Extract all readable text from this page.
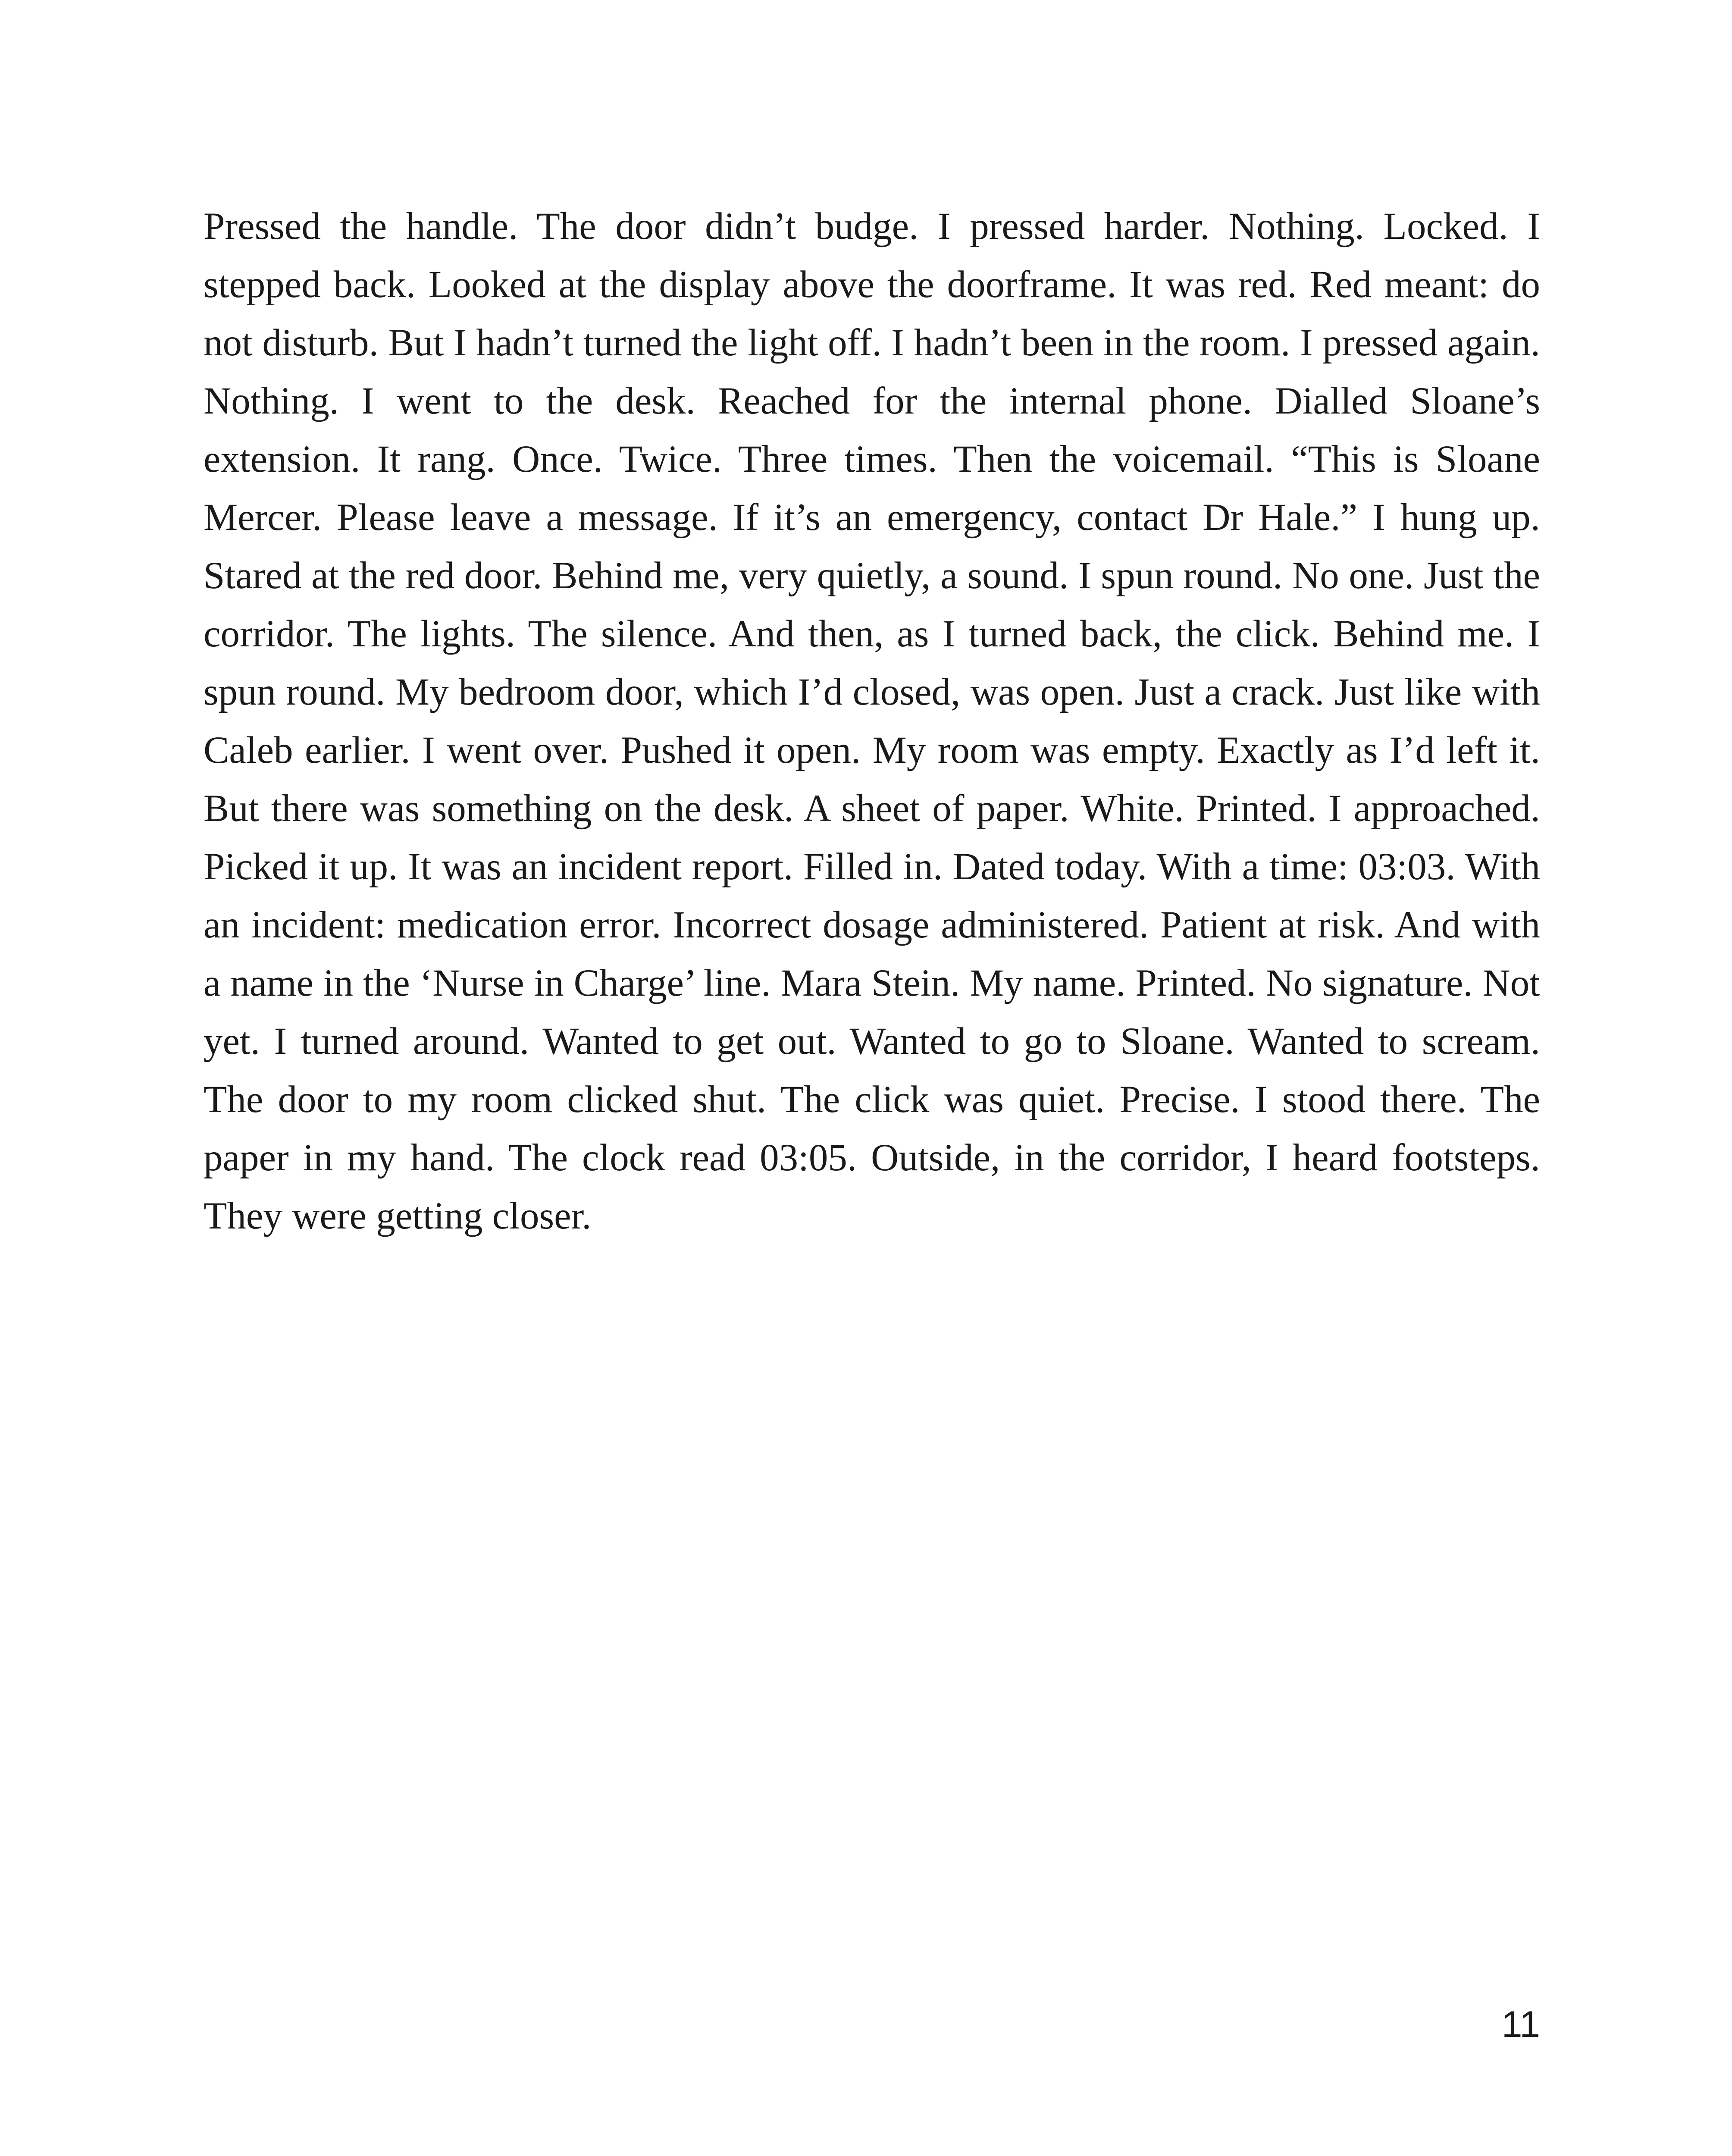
Pressed the handle. The door didn’t budge. I pressed harder. Nothing. Locked. I stepped back. Looked at the display above the doorframe. It was red. Red meant: do not disturb. But I hadn’t turned the light off. I hadn’t been in the room. I pressed again. Nothing. I went to the desk. Reached for the internal phone. Dialled Sloane’s extension. It rang. Once. Twice. Three times. Then the voicemail. “This is Sloane Mercer. Please leave a message. If it’s an emergency, contact Dr Hale.” I hung up. Stared at the red door. Behind me, very quietly, a sound. I spun round. No one. Just the corridor. The lights. The silence. And then, as I turned back, the click. Behind me. I spun round. My bedroom door, which I’d closed, was open. Just a crack. Just like with Caleb earlier. I went over. Pushed it open. My room was empty. Exactly as I’d left it. But there was something on the desk. A sheet of paper. White. Printed. I approached. Picked it up. It was an incident report. Filled in. Dated today. With a time: 03:03. With an incident: medication error. Incorrect dosage administered. Patient at risk. And with a name in the ‘Nurse in Charge’ line. Mara Stein. My name. Printed. No signature. Not yet. I turned around. Wanted to get out. Wanted to go to Sloane. Wanted to scream. The door to my room clicked shut. The click was quiet. Precise. I stood there. The paper in my hand. The clock read 03:05. Outside, in the corridor, I heard footsteps. They were getting closer.

11
